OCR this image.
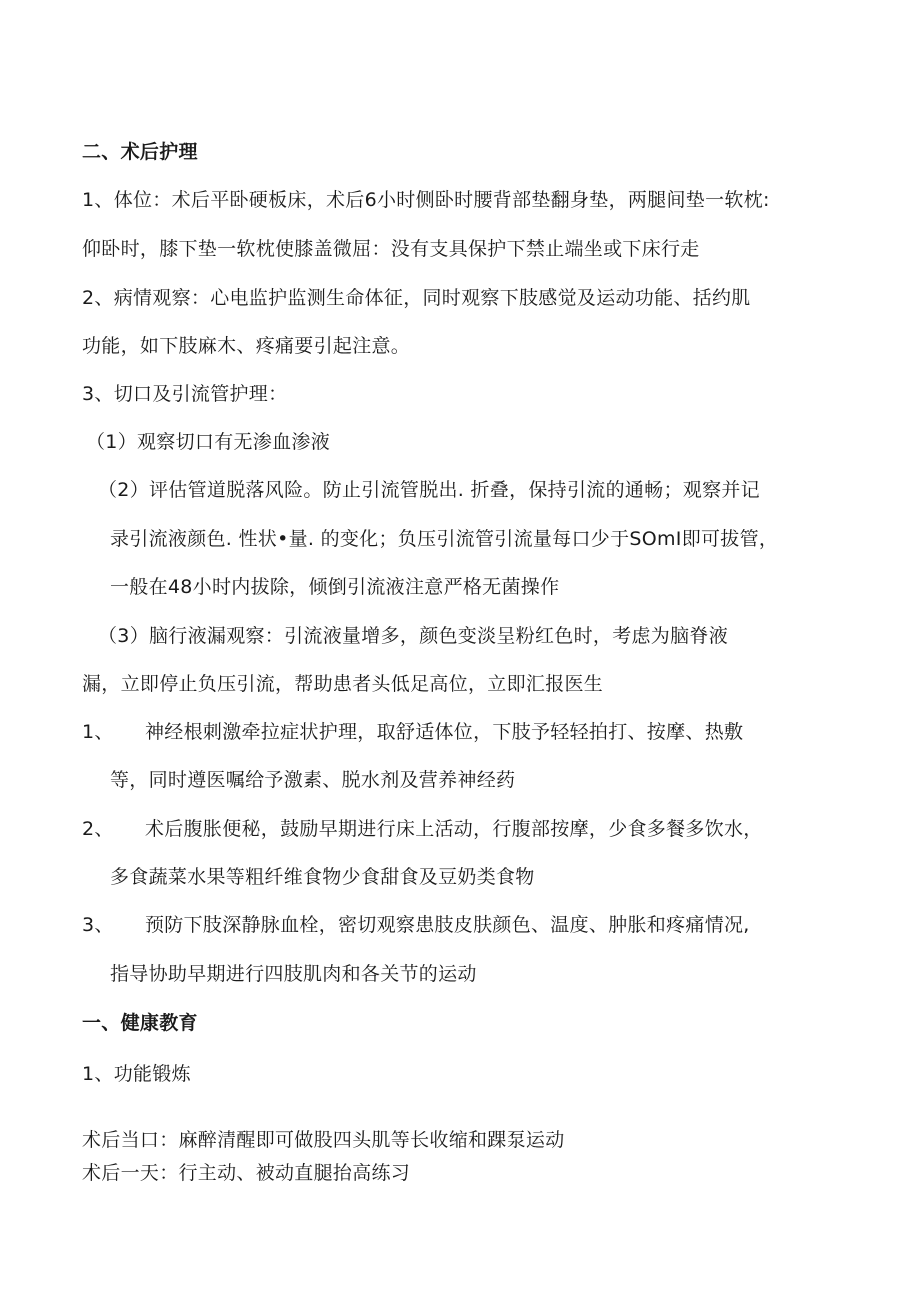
二、术后护理
1、体位：术后平卧硬板床，术后6小时侧卧时腰背部垫翻身垫，两腿间垫一软枕:
仰卧时，膝下垫一软枕使膝盖微屈：没有支具保护下禁止端坐或下床行走
2、病情观察：心电监护监测生命体征，同时观察下肢感觉及运动功能、括约肌
功能，如下肢麻木、疼痛要引起注意。
3、切口及引流管护理：
（1）观察切口有无渗血渗液
（2）评估管道脱落风险。防止引流管脱出. 折叠，保持引流的通畅；观察并记
录引流液颜色. 性状•量. 的变化；负压引流管引流量每口少于SOmI即可拔管，
一般在48小时内拔除，倾倒引流液注意严格无菌操作
（3）脑行液漏观察：引流液量增多，颜色变淡呈粉红色时，考虑为脑脊液
漏，立即停止负压引流，帮助患者头低足高位，立即汇报医生
1、 神经根刺激牵拉症状护理，取舒适体位，下肢予轻轻拍打、按摩、热敷
等，同时遵医嘱给予激素、脱水剂及营养神经药
2、 术后腹胀便秘，鼓励早期进行床上活动，行腹部按摩，少食多餐多饮水，
多食蔬菜水果等粗纤维食物少食甜食及豆奶类食物
3、 预防下肢深静脉血栓，密切观察患肢皮肤颜色、温度、肿胀和疼痛情况,
指导协助早期进行四肢肌肉和各关节的运动
一、健康教育
1、功能锻炼
术后当口：麻醉清醒即可做股四头肌等长收缩和踝泵运动
术后一天：行主动、被动直腿抬高练习
